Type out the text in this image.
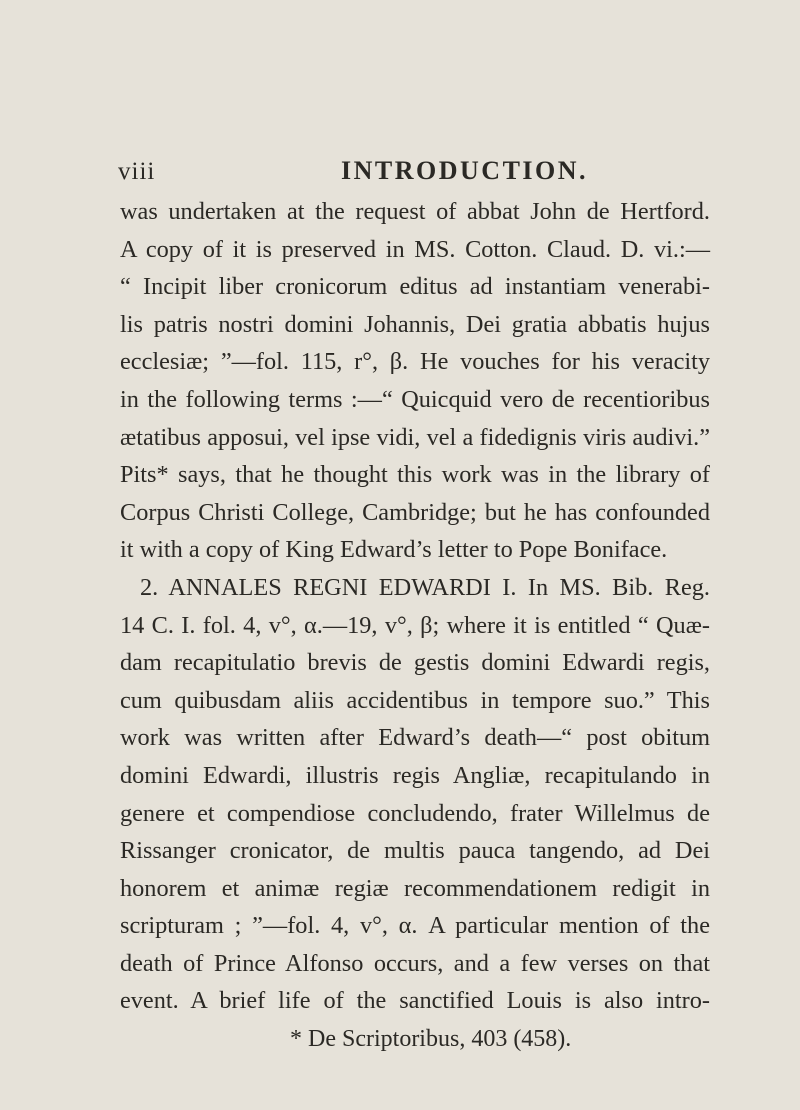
viii	INTRODUCTION.
was undertaken at the request of abbat John de Hertford.
A copy of it is preserved in MS. Cotton. Claud. D. vi.:—
“ Incipit liber cronicorum editus ad instantiam venerabi-
lis patris nostri domini Johannis, Dei gratia abbatis hujus
ecclesiæ; ”—fol. 115, r°, β. He vouches for his veracity
in the following terms :—“ Quicquid vero de recentioribus
ætatibus apposui, vel ipse vidi, vel a fidedignis viris audivi.”
Pits* says, that he thought this work was in the library of
Corpus Christi College, Cambridge; but he has confounded
it with a copy of King Edward’s letter to Pope Boniface.
2. ANNALES REGNI EDWARDI I. In MS. Bib. Reg.
14 C. I. fol. 4, v°, α.—19, v°, β; where it is entitled “ Quæ-
dam recapitulatio brevis de gestis domini Edwardi regis,
cum quibusdam aliis accidentibus in tempore suo.” This
work was written after Edward’s death—“ post obitum
domini Edwardi, illustris regis Angliæ, recapitulando in
genere et compendiose concludendo, frater Willelmus de
Rissanger cronicator, de multis pauca tangendo, ad Dei
honorem et animæ regiæ recommendationem redigit in
scripturam ; ”—fol. 4, v°, α. A particular mention of the
death of Prince Alfonso occurs, and a few verses on that
event. A brief life of the sanctified Louis is also intro-
* De Scriptoribus, 403 (458).
